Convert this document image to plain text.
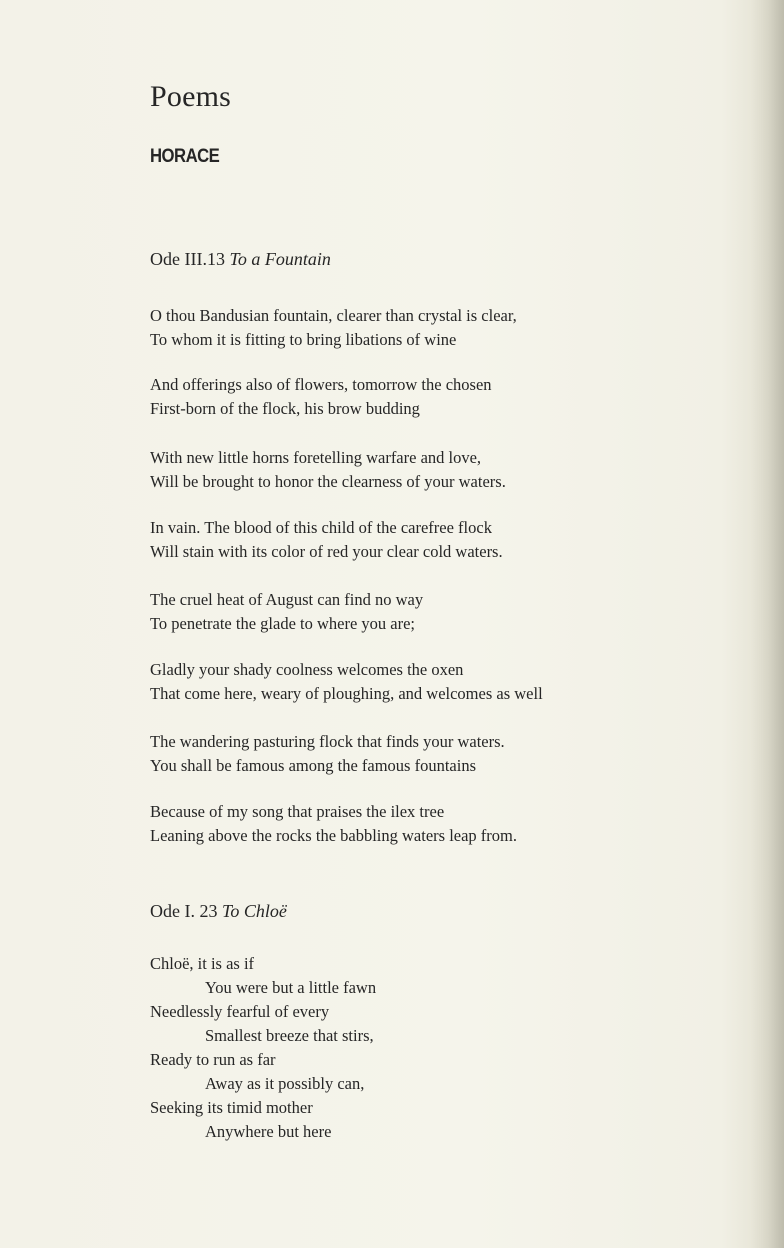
Poems
HORACE
Ode III.13 To a Fountain

O thou Bandusian fountain, clearer than crystal is clear,
To whom it is fitting to bring libations of wine

And offerings also of flowers, tomorrow the chosen
First-born of the flock, his brow budding

With new little horns foretelling warfare and love,
Will be brought to honor the clearness of your waters.

In vain. The blood of this child of the carefree flock
Will stain with its color of red your clear cold waters.

The cruel heat of August can find no way
To penetrate the glade to where you are;

Gladly your shady coolness welcomes the oxen
That come here, weary of ploughing, and welcomes as well

The wandering pasturing flock that finds your waters.
You shall be famous among the famous fountains

Because of my song that praises the ilex tree
Leaning above the rocks the babbling waters leap from.

Ode I. 23 To Chloë

Chloë, it is as if
You were but a little fawn
Needlessly fearful of every
Smallest breeze that stirs,
Ready to run as far
Away as it possibly can,
Seeking its timid mother
Anywhere but here
